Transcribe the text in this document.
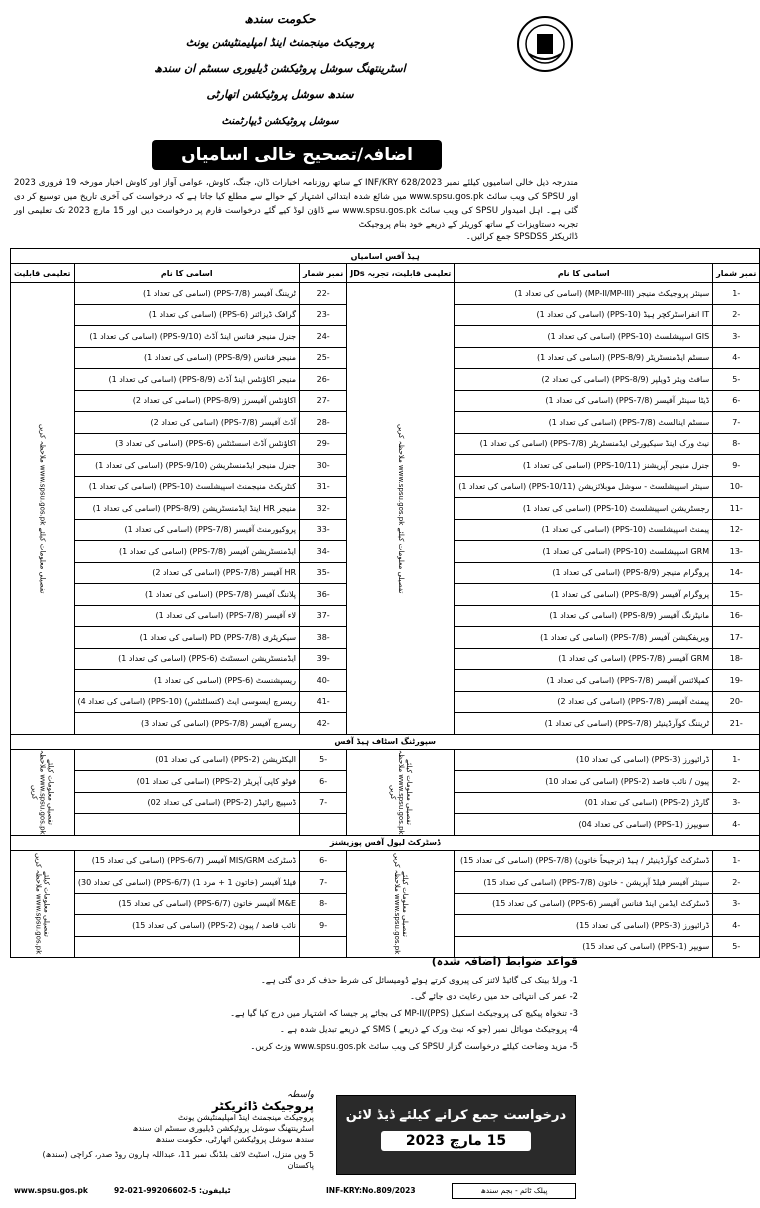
حکومت سندھ
پروجیکٹ مینجمنٹ اینڈ امپلیمنٹیشن یونٹ
اسٹرینتھنگ سوشل پروٹیکشن ڈیلیوری سسٹم ان سندھ
سندھ سوشل پروٹیکشن اتھارٹی
سوشل پروٹیکشن ڈیپارٹمنٹ
اضافہ/تصحیح خالی اسامیاں

مندرجہ ذیل خالی اسامیوں کیلئے نمبر INF/KRY 628/2023 کے ساتھ روزنامہ اخبارات ڈان، جنگ، کاوش، عوامی آواز اور کاوش اخبار مورخہ 19 فروری 2023 اور SPSU کی ویب سائٹ www.spsu.gos.pk میں شائع شدہ ابتدائی اشتہار کے حوالے سے مطلع کیا جاتا ہے کہ درخواست کی آخری تاریخ میں توسیع کر دی گئی ہے۔ اہل امیدوار SPSU کی ویب سائٹ www.spsu.gos.pk سے ڈاؤن لوڈ کیے گئے درخواست فارم پر درخواست دیں اور 15 مارچ 2023 تک تعلیمی اور تجربہ دستاویزات کے ساتھ کوریئر کے ذریعے خود بنام پروجیکٹ

ڈائریکٹر SPSDSS جمع کرائیں۔
ہیڈ آفس اسامیاں					
نمبر شمار	اسامی کا نام	تعلیمی قابلیت، تجربہ JDs	نمبر شمار	اسامی کا نام	تعلیمی قابلیت
-1	سینئر پروجیکٹ منیجر (MP-II/MP-III) (اسامی کی تعداد 1)	تفصیلی معلومات کیلئے www.spsu.gos.pk ملاحظہ کریں	-22	ٹریننگ آفیسر (PPS-7/8) (اسامی کی تعداد 1)	تفصیلی معلومات کیلئے www.spsu.gos.pk ملاحظہ کریں
-2	IT انفراسٹرکچر ہیڈ (PPS-10) (اسامی کی تعداد 1)		-23	گرافک ڈیزائنر (PPS-6) (اسامی کی تعداد 1)	
-3	GIS اسپیشلسٹ (PPS-10) (اسامی کی تعداد 1)		-24	جنرل منیجر فنانس اینڈ آڈٹ (PPS-9/10) (اسامی کی تعداد 1)	
-4	سسٹم ایڈمنسٹریٹر (PPS-8/9) (اسامی کی تعداد 1)		-25	منیجر فنانس (PPS-8/9) (اسامی کی تعداد 1)	
-5	سافٹ ویئر ڈویلپر (PPS-8/9) (اسامی کی تعداد 2)		-26	منیجر اکاؤنٹس اینڈ آڈٹ (PPS-8/9) (اسامی کی تعداد 1)	
-6	ڈیٹا سینٹر آفیسر (PPS-7/8) (اسامی کی تعداد 1)		-27	اکاؤنٹس آفیسرز (PPS-8/9) (اسامی کی تعداد 2)	
-7	سسٹم اینالسٹ (PPS-7/8) (اسامی کی تعداد 1)		-28	آڈٹ آفیسر (PPS-7/8) (اسامی کی تعداد 2)	
-8	نیٹ ورک اینڈ سیکیورٹی ایڈمنسٹریٹر (PPS-7/8) (اسامی کی تعداد 1)		-29	اکاؤنٹس آڈٹ اسسٹنٹس (PPS-6) (اسامی کی تعداد 3)	
-9	جنرل منیجر آپریشنز (PPS-10/11) (اسامی کی تعداد 1)		-30	جنرل منیجر ایڈمنسٹریشن (PPS-9/10) (اسامی کی تعداد 1)	
-10	سینئر اسپیشلسٹ - سوشل موبلائزیشن (PPS-10/11) (اسامی کی تعداد 1)		-31	کنٹریکٹ منیجمنٹ اسپیشلسٹ (PPS-10) (اسامی کی تعداد 1)	
-11	رجسٹریشن اسپیشلسٹ (PPS-10) (اسامی کی تعداد 1)		-32	منیجر HR اینڈ ایڈمنسٹریشن (PPS-8/9) (اسامی کی تعداد 1)	
-12	پیمنٹ اسپیشلسٹ (PPS-10) (اسامی کی تعداد 1)		-33	پروکیورمنٹ آفیسر (PPS-7/8) (اسامی کی تعداد 1)	
-13	GRM اسپیشلسٹ (PPS-10) (اسامی کی تعداد 1)		-34	ایڈمنسٹریشن آفیسر (PPS-7/8) (اسامی کی تعداد 1)	
-14	پروگرام منیجر (PPS-8/9) (اسامی کی تعداد 1)		-35	HR آفیسر (PPS-7/8) (اسامی کی تعداد 2)	
-15	پروگرام آفیسر (PPS-8/9) (اسامی کی تعداد 1)		-36	پلاننگ آفیسر (PPS-7/8) (اسامی کی تعداد 1)	
-16	مانیٹرنگ آفیسر (PPS-8/9) (اسامی کی تعداد 1)		-37	لاء آفیسر (PPS-7/8) (اسامی کی تعداد 1)	
-17	ویریفکیشن آفیسر (PPS-7/8) (اسامی کی تعداد 1)		-38	سیکریٹری PD (PPS-7/8) (اسامی کی تعداد 1)	
-18	GRM آفیسر (PPS-7/8) (اسامی کی تعداد 1)		-39	ایڈمنسٹریشن اسسٹنٹ (PPS-6) (اسامی کی تعداد 1)	
-19	کمپلائنس آفیسر (PPS-7/8) (اسامی کی تعداد 1)		-40	ریسپشنسٹ (PPS-6) (اسامی کی تعداد 1)	
-20	پیمنٹ آفیسر (PPS-7/8) (اسامی کی تعداد 2)		-41	ریسرچ ایسوسی ایٹ (کنسلٹنٹس) (PPS-10) (اسامی کی تعداد 4)	
-21	ٹریننگ کوآرڈینیٹر (PPS-7/8) (اسامی کی تعداد 1)		-42	ریسرچ آفیسر (PPS-7/8) (اسامی کی تعداد 3)	
سپورٹنگ اسٹاف ہیڈ آفس					
-1	ڈرائیورز (PPS-3) (اسامی کی تعداد 10)	تفصیلی معلومات کیلئے www.spsu.gos.pk ملاحظہ کریں	-5	الیکٹریشن (PPS-2) (اسامی کی تعداد 01)	تفصیلی معلومات کیلئے www.spsu.gos.pk ملاحظہ کریں
-2	پیون / نائب قاصد (PPS-2) (اسامی کی تعداد 10)		-6	فوٹو کاپی آپریٹر (PPS-2) (اسامی کی تعداد 01)	
-3	گارڈز (PPS-2) (اسامی کی تعداد 01)		-7	ڈسپیچ رائیڈر (PPS-2) (اسامی کی تعداد 02)	
-4	سویپرز (PPS-1) (اسامی کی تعداد 04)				
ڈسٹرکٹ لیول آفس پوزیشنز					
-1	ڈسٹرکٹ کوآرڈینیٹر / ہیڈ (ترجیحاً خاتون) (PPS-7/8) (اسامی کی تعداد 15)	تفصیلی معلومات کیلئے www.spsu.gos.pk ملاحظہ کریں	-6	ڈسٹرکٹ MIS/GRM آفیسر (PPS-6/7) (اسامی کی تعداد 15)	تفصیلی معلومات کیلئے www.spsu.gos.pk ملاحظہ کریں
-2	سینئر آفیسر فیلڈ آپریشن - خاتون (PPS-7/8) (اسامی کی تعداد 15)		-7	فیلڈ آفیسر (خاتون 1 + مرد 1) (PPS-6/7) (اسامی کی تعداد 30)	
-3	ڈسٹرکٹ ایڈمن اینڈ فنانس آفیسر (PPS-6) (اسامی کی تعداد 15)		-8	M&E آفیسر خاتون (PPS-6/7) (اسامی کی تعداد 15)	
-4	ڈرائیورز (PPS-3) (اسامی کی تعداد 15)		-9	نائب قاصد / پیون (PPS-2) (اسامی کی تعداد 15)	
-5	سویپر (PPS-1) (اسامی کی تعداد 15)				
قواعد ضوابط (اضافہ شدہ)
1- ورلڈ بینک کی گائیڈ لائنز کی پیروی کرتے ہوئے ڈومیسائل کی شرط حذف کر دی گئی ہے۔
2- عمر کی انتہائی حد میں رعایت دی جائے گی۔
3- تنخواہ پیکیج کی پروجیکٹ اسکیل MP-II/(PPS) کی بجائے پر جیسا کہ اشتہار میں درج کیا گیا ہے۔
4- پروجیکٹ موبائل نمبر (جو کہ نیٹ ورک کے ذریعے ) SMS کے ذریعے تبدیل شدہ ہے ۔
5- مزید وضاحت کیلئے درخواست گزار SPSU کی ویب سائٹ www.spsu.gos.pk وزٹ کریں۔
واسطہ
پروجیکٹ ڈائریکٹر
پروجیکٹ مینجمنٹ اینڈ امپلیمنٹیشن یونٹ
اسٹرینتھنگ سوشل پروٹیکشن ڈیلیوری سسٹم ان سندھ
سندھ سوشل پروٹیکشن اتھارٹی، حکومت سندھ
5 ویں منزل، اسٹیٹ لائف بلڈنگ نمبر 11، عبداللہ ہارون روڈ صدر، کراچی (سندھ) پاکستان
درخواست جمع کرانے کیلئے ڈیڈ لائن
15 مارچ 2023
www.spsu.gos.pk	92-021-99206602-5 :ٹیلیفون	INF-KRY:No.809/2023	پبلک ٹائم - بجم سندھ
